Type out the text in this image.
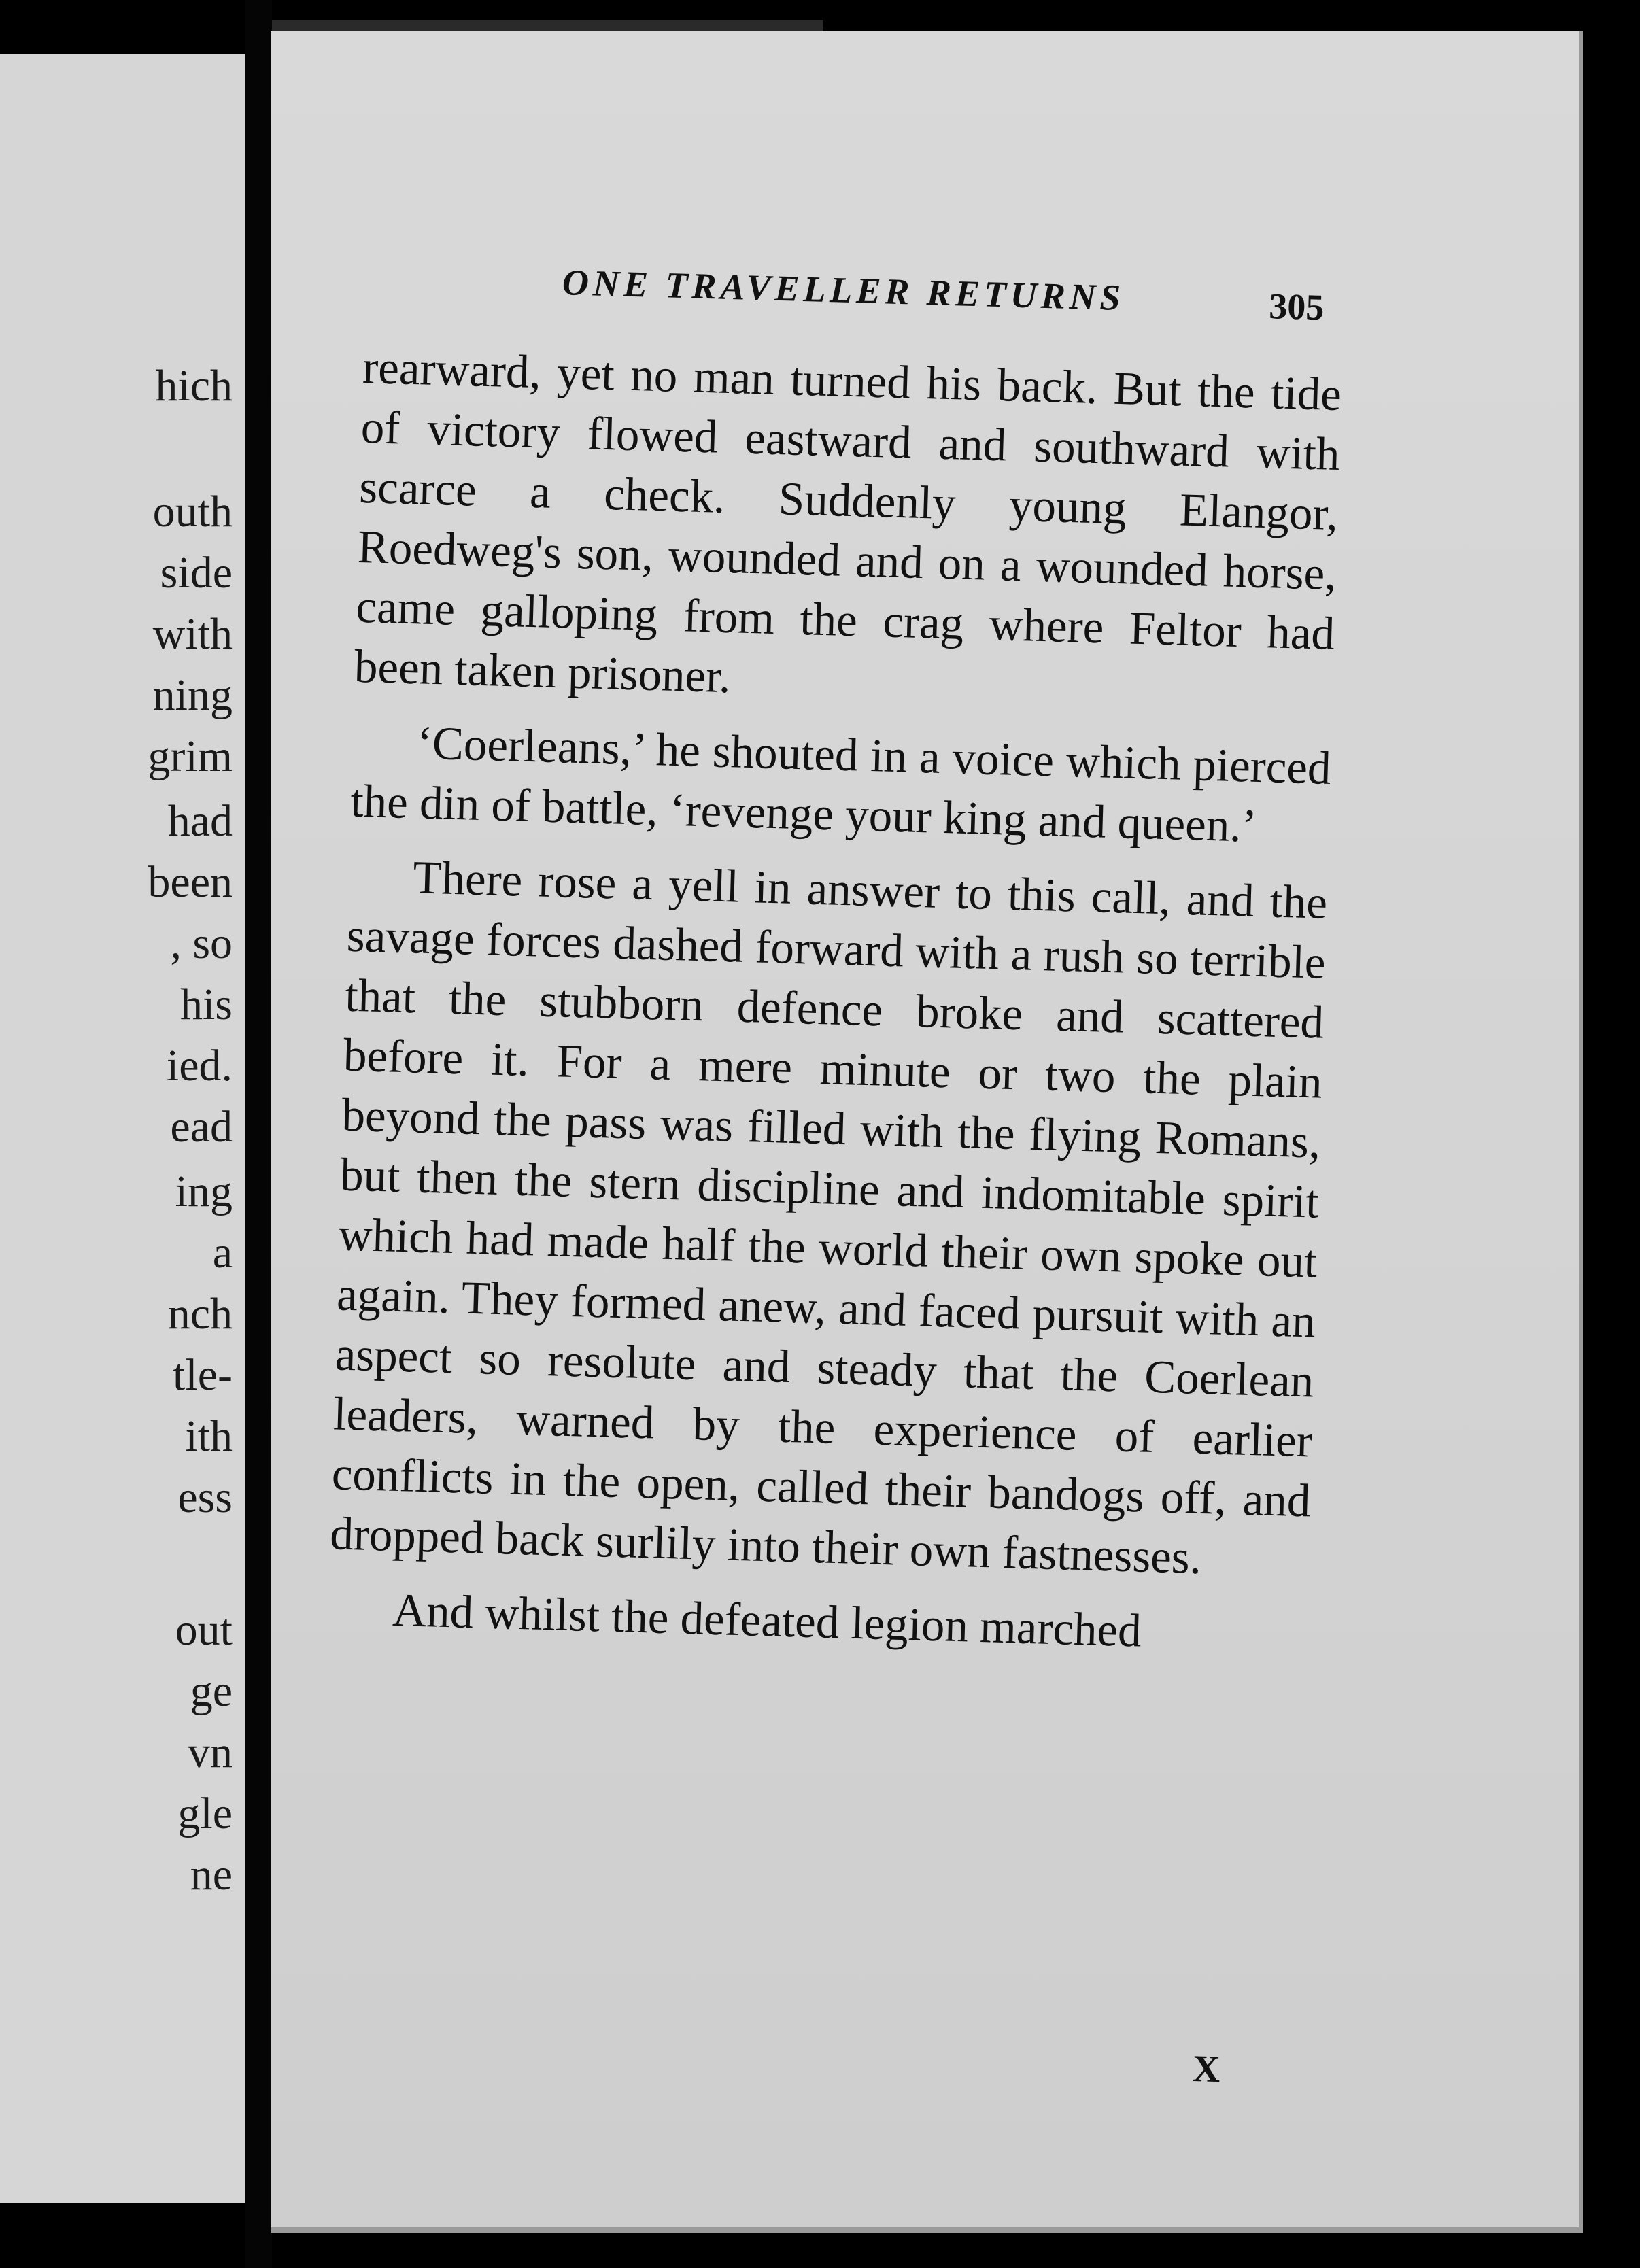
hich
outh
side
with
ning
grim
had
been
, so
his
ied.
ead
ing
a
nch
tle-
ith
ess
out
ge
vn
gle
ne
ONE TRAVELLER RETURNS	305

rearward, yet no man turned his back. But the tide of victory flowed eastward and southward with scarce a check. Suddenly young Elangor, Roedweg's son, wounded and on a wounded horse, came galloping from the crag where Feltor had been taken prisoner.

‘Coerleans,’ he shouted in a voice which pierced the din of battle, ‘revenge your king and queen.’

There rose a yell in answer to this call, and the savage forces dashed forward with a rush so terrible that the stubborn defence broke and scattered before it. For a mere minute or two the plain beyond the pass was filled with the flying Romans, but then the stern discipline and indomitable spirit which had made half the world their own spoke out again. They formed anew, and faced pursuit with an aspect so resolute and steady that the Coerlean leaders, warned by the experience of earlier conflicts in the open, called their bandogs off, and dropped back surlily into their own fastnesses.

And whilst the defeated legion marched

X
